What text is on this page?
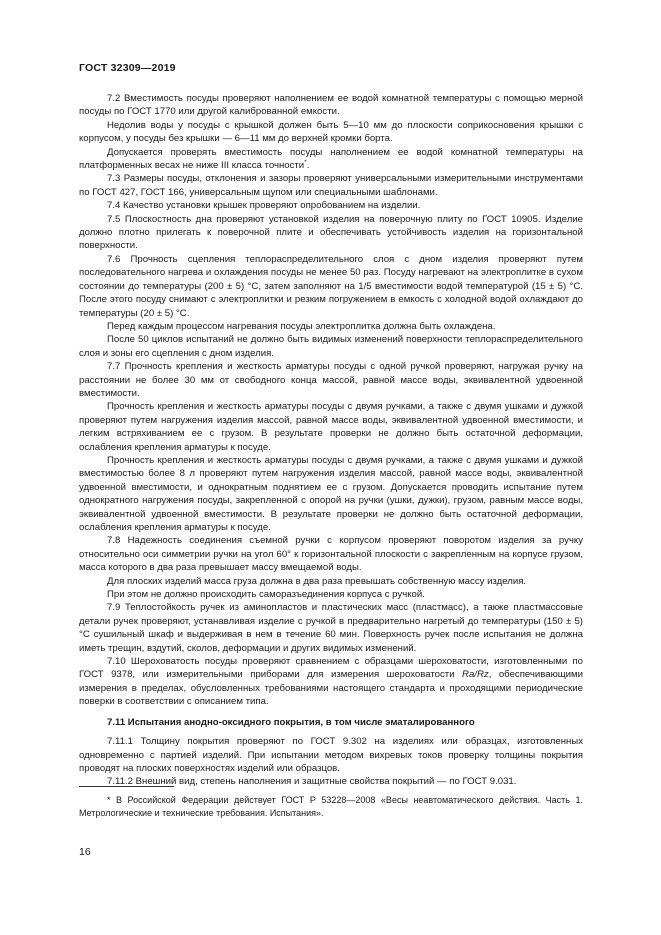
ГОСТ 32309—2019

7.2 Вместимость посуды проверяют наполнением ее водой комнатной температуры с помощью мерной посуды по ГОСТ 1770 или другой калиброванной емкости.

Недолив воды у посуды с крышкой должен быть 5—10 мм до плоскости соприкосновения крышки с корпусом, у посуды без крышки — 6—11 мм до верхней кромки борта.

Допускается проверять вместимость посуды наполнением ее водой комнатной температуры на платформенных весах не ниже III класса точности*.

7.3 Размеры посуды, отклонения и зазоры проверяют универсальными измерительными инструментами по ГОСТ 427, ГОСТ 166, универсальным щупом или специальными шаблонами.

7.4 Качество установки крышек проверяют опробованием на изделии.

7.5 Плоскостность дна проверяют установкой изделия на поверочную плиту по ГОСТ 10905. Изделие должно плотно прилегать к поверочной плите и обеспечивать устойчивость изделия на горизонтальной поверхности.

7.6 Прочность сцепления теплораспределительного слоя с дном изделия проверяют путем последовательного нагрева и охлаждения посуды не менее 50 раз. Посуду нагревают на электроплитке в сухом состоянии до температуры (200 ± 5) °С, затем заполняют на 1/5 вместимости водой температурой (15 ± 5) °С. После этого посуду снимают с электроплитки и резким погружением в емкость с холодной водой охлаждают до температуры (20 ± 5) °С.

Перед каждым процессом нагревания посуды электроплитка должна быть охлаждена.

После 50 циклов испытаний не должно быть видимых изменений поверхности теплораспределительного слоя и зоны его сцепления с дном изделия.

7.7 Прочность крепления и жесткость арматуры посуды с одной ручкой проверяют, нагружая ручку на расстоянии не более 30 мм от свободного конца массой, равной массе воды, эквивалентной удвоенной вместимости.

Прочность крепления и жесткость арматуры посуды с двумя ручками, а также с двумя ушками и дужкой проверяют путем нагружения изделия массой, равной массе воды, эквивалентной удвоенной вместимости, и легким встряхиванием ее с грузом. В результате проверки не должно быть остаточной деформации, ослабления крепления арматуры к посуде.

Прочность крепления и жесткость арматуры посуды с двумя ручками, а также с двумя ушками и дужкой вместимостью более 8 л проверяют путем нагружения изделия массой, равной массе воды, эквивалентной удвоенной вместимости, и однократным поднятием ее с грузом. Допускается проводить испытание путем однократного нагружения посуды, закрепленной с опорой на ручки (ушки, дужки), грузом, равным массе воды, эквивалентной удвоенной вместимости. В результате проверки не должно быть остаточной деформации, ослабления крепления арматуры к посуде.

7.8 Надежность соединения съемной ручки с корпусом проверяют поворотом изделия за ручку относительно оси симметрии ручки на угол 60° к горизонтальной плоскости с закрепленным на корпусе грузом, масса которого в два раза превышает массу вмещаемой воды.

Для плоских изделий масса груза должна в два раза превышать собственную массу изделия.

При этом не должно происходить саморазъединения корпуса с ручкой.

7.9 Теплостойкость ручек из аминопластов и пластических масс (пластмасс), а также пластмассовые детали ручек проверяют, устанавливая изделие с ручкой в предварительно нагретый до температуры (150 ± 5) °С сушильный шкаф и выдерживая в нем в течение 60 мин. Поверхность ручек после испытания не должна иметь трещин, вздутий, сколов, деформации и других видимых изменений.

7.10 Шероховатость посуды проверяют сравнением с образцами шероховатости, изготовленными по ГОСТ 9378, или измерительными приборами для измерения шероховатости Ra/Rz, обеспечивающими измерения в пределах, обусловленных требованиями настоящего стандарта и проходящими периодические поверки в соответствии с описанием типа.

7.11 Испытания анодно-оксидного покрытия, в том числе эматалированного

7.11.1 Толщину покрытия проверяют по ГОСТ 9.302 на изделиях или образцах, изготовленных одновременно с партией изделий. При испытании методом вихревых токов проверку толщины покрытия проводят на плоских поверхностях изделий или образцов.

7.11.2 Внешний вид, степень наполнения и защитные свойства покрытий — по ГОСТ 9.031.

* В Российской Федерации действует ГОСТ Р 53228—2008 «Весы неавтоматического действия. Часть 1. Метрологические и технические требования. Испытания».

16
